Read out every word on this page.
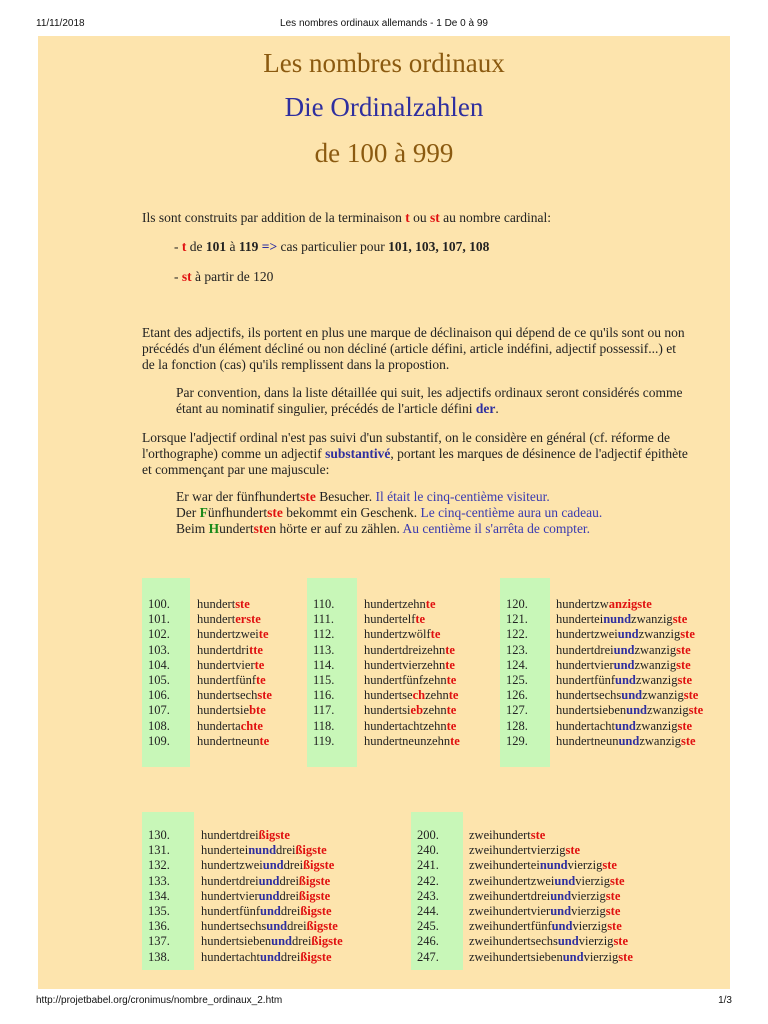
11/11/2018	Les nombres ordinaux allemands - 1 De 0 à 99
Les nombres ordinaux
Die Ordinalzahlen
de 100 à 999
Ils sont construits par addition de la terminaison t ou st au nombre cardinal:
- t de 101 à 119 => cas particulier pour 101, 103, 107, 108
- st à partir de 120
Etant des adjectifs, ils portent en plus une marque de déclinaison qui dépend de ce qu'ils sont ou non
précédés d'un élément décliné ou non décliné (article défini, article indéfini, adjectif possessif...) et
de la fonction (cas) qu'ils remplissent dans la propostion.
Par convention, dans la liste détaillée qui suit, les adjectifs ordinaux seront considérés comme
étant au nominatif singulier, précédés de l'article défini der.
Lorsque l'adjectif ordinal n'est pas suivi d'un substantif, on le considère en général (cf. réforme de
l'orthographe) comme un adjectif substantivé, portant les marques de désinence de l'adjectif épithète
et commençant par une majuscule:
Er war der fünfhundertste Besucher. Il était le cinq-centième visiteur.
Der Fünfhundertste bekommt ein Geschenk. Le cinq-centième aura un cadeau.
Beim Hundertsten hörte er auf zu zählen. Au centième il s'arrêta de compter.
100. hundertste
101. hunderterste
102. hundertzweite
103. hundertdritte
104. hundertvierte
105. hundertfünfte
106. hundertsechste
107. hundertsiebte
108. hundertachte
109. hundertneunte
110. hundertzehnte
111. hundertelfte
112. hundertzwölfte
113. hundertdreizehnte
114. hundertvierzehnte
115. hundertfünfzehnte
116. hundertsechzehnte
117. hundertsiebzehnte
118. hundertachtzehnte
119. hundertneunzehnte
120. hundertzwanzigste
121. hunderteinundzwanzigste
122. hundertzweiundzwanzigste
123. hundertdreiundzwanzigste
124. hundertvierundzwanzigste
125. hundertfünfundzwanzigste
126. hundertsechsundzwanzigste
127. hundertsiebenundzwanzigste
128. hundertachtundzwanzigste
129. hundertneunundzwanzigste
130. hundertdreißigste
131. hunderteinunddreißigste
132. hundertzweiunddreißigste
133. hundertdreiunddreißigste
134. hundertvierunddreißigste
135. hundertfünfunddreißigste
136. hundertsechsunddreißigste
137. hundertsiebenunddreißigste
138. hundertachtunddreißigste
200. zweihundertste
240. zweihundertvierzigste
241. zweihunderteinundvierzigste
242. zweihundertzweiundvierzigste
243. zweihundertdreiundvierzigste
244. zweihundertvierundvierzigste
245. zweihundertfünfundvierzigste
246. zweihundertsechsundvierzigste
247. zweihundertsiebenundvierzigste
http://projetbabel.org/cronimus/nombre_ordinaux_2.htm	1/3
